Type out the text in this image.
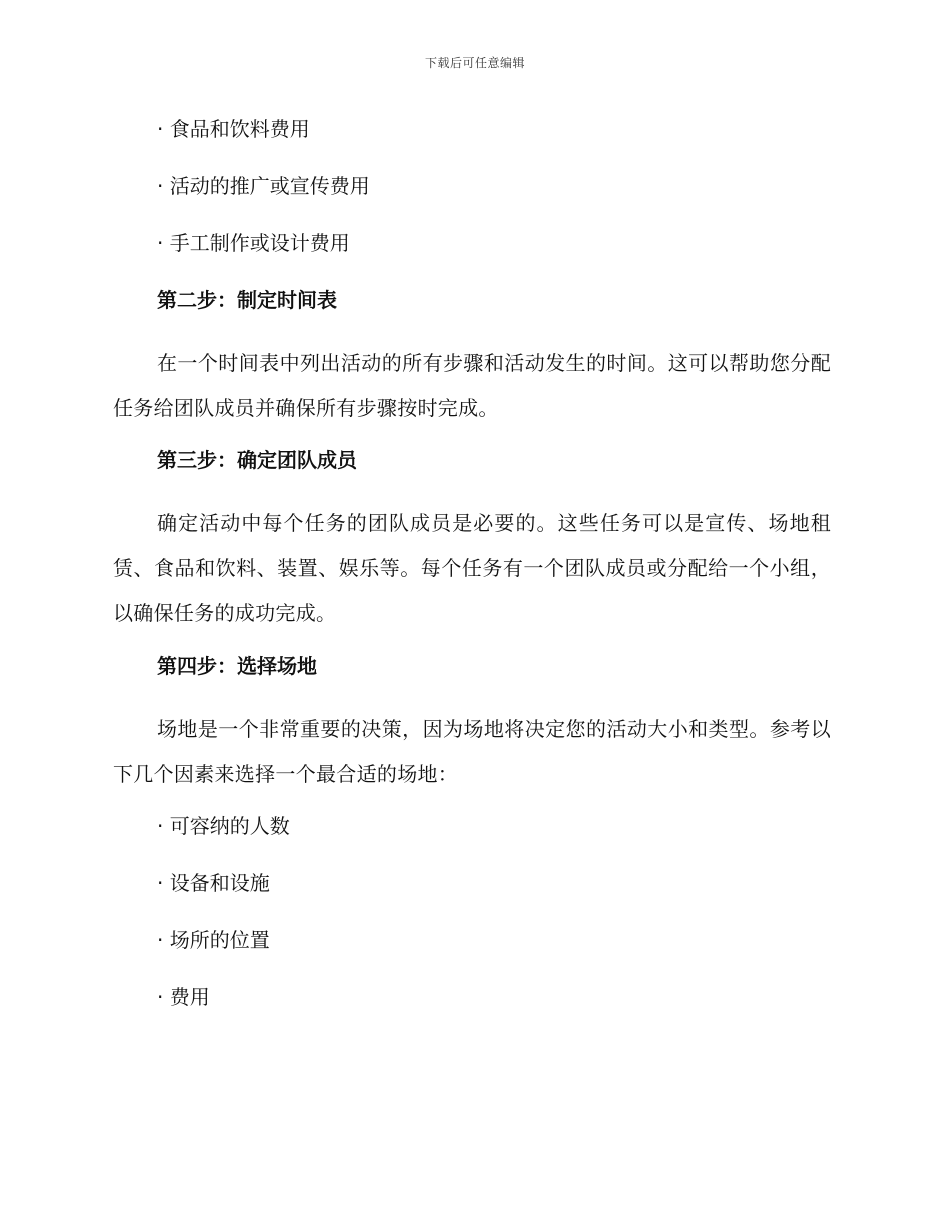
下载后可任意编辑
· 食品和饮料费用
· 活动的推广或宣传费用
· 手工制作或设计费用
第二步：制定时间表

在一个时间表中列出活动的所有步骤和活动发生的时间。这可以帮助您分配任务给团队成员并确保所有步骤按时完成。

第三步：确定团队成员

确定活动中每个任务的团队成员是必要的。这些任务可以是宣传、场地租赁、食品和饮料、装置、娱乐等。每个任务有一个团队成员或分配给一个小组，以确保任务的成功完成。

第四步：选择场地

场地是一个非常重要的决策，因为场地将决定您的活动大小和类型。参考以下几个因素来选择一个最合适的场地：

· 可容纳的人数
· 设备和设施
· 场所的位置
· 费用
